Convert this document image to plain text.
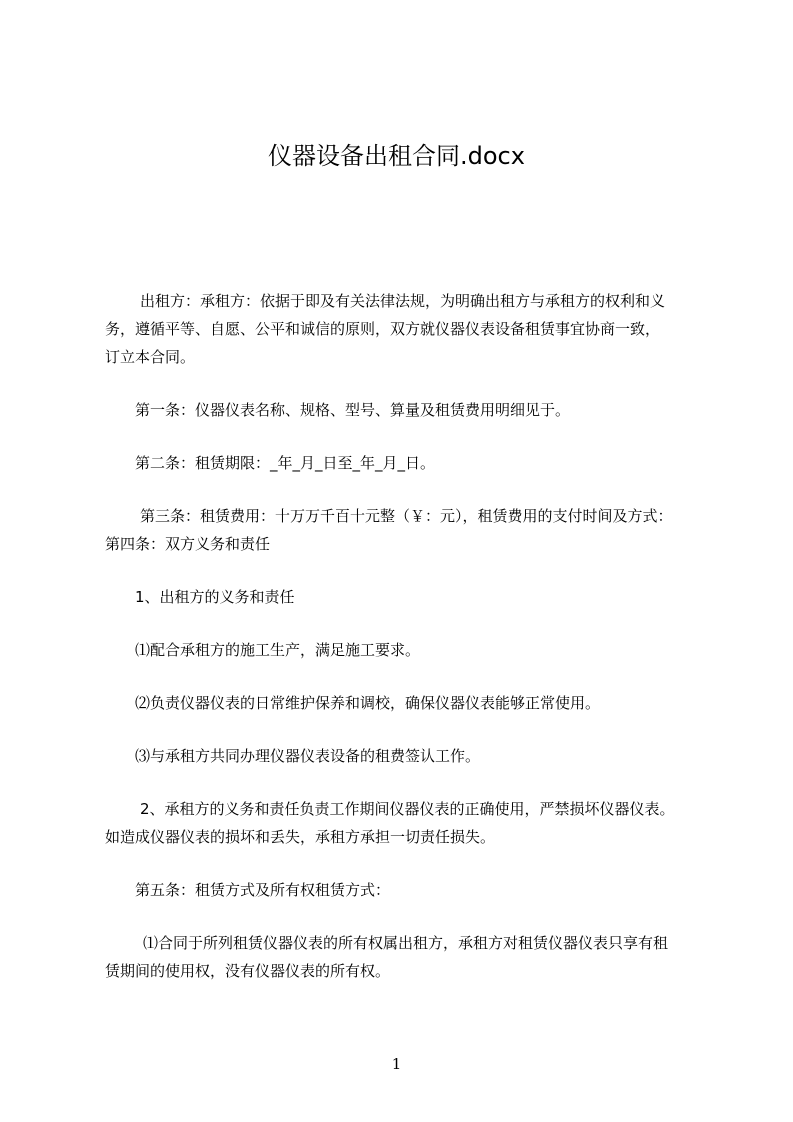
仪器设备出租合同.docx
出租方：承租方：依据于即及有关法律法规，为明确出租方与承租方的权利和义
务，遵循平等、自愿、公平和诚信的原则，双方就仪器仪表设备租赁事宜协商一致，
订立本合同。
第一条：仪器仪表名称、规格、型号、算量及租赁费用明细见于。
第二条：租赁期限：_年_月_日至_年_月_日。
第三条：租赁费用：十万万千百十元整（￥：元），租赁费用的支付时间及方式：
第四条：双方义务和责任
1、出租方的义务和责任
⑴配合承租方的施工生产，满足施工要求。
⑵负责仪器仪表的日常维护保养和调校，确保仪器仪表能够正常使用。
⑶与承租方共同办理仪器仪表设备的租费签认工作。
2、承租方的义务和责任负责工作期间仪器仪表的正确使用，严禁损坏仪器仪表。
如造成仪器仪表的损坏和丢失，承租方承担一切责任损失。
第五条：租赁方式及所有权租赁方式：
⑴合同于所列租赁仪器仪表的所有权属出租方，承租方对租赁仪器仪表只享有租
赁期间的使用权，没有仪器仪表的所有权。
1
